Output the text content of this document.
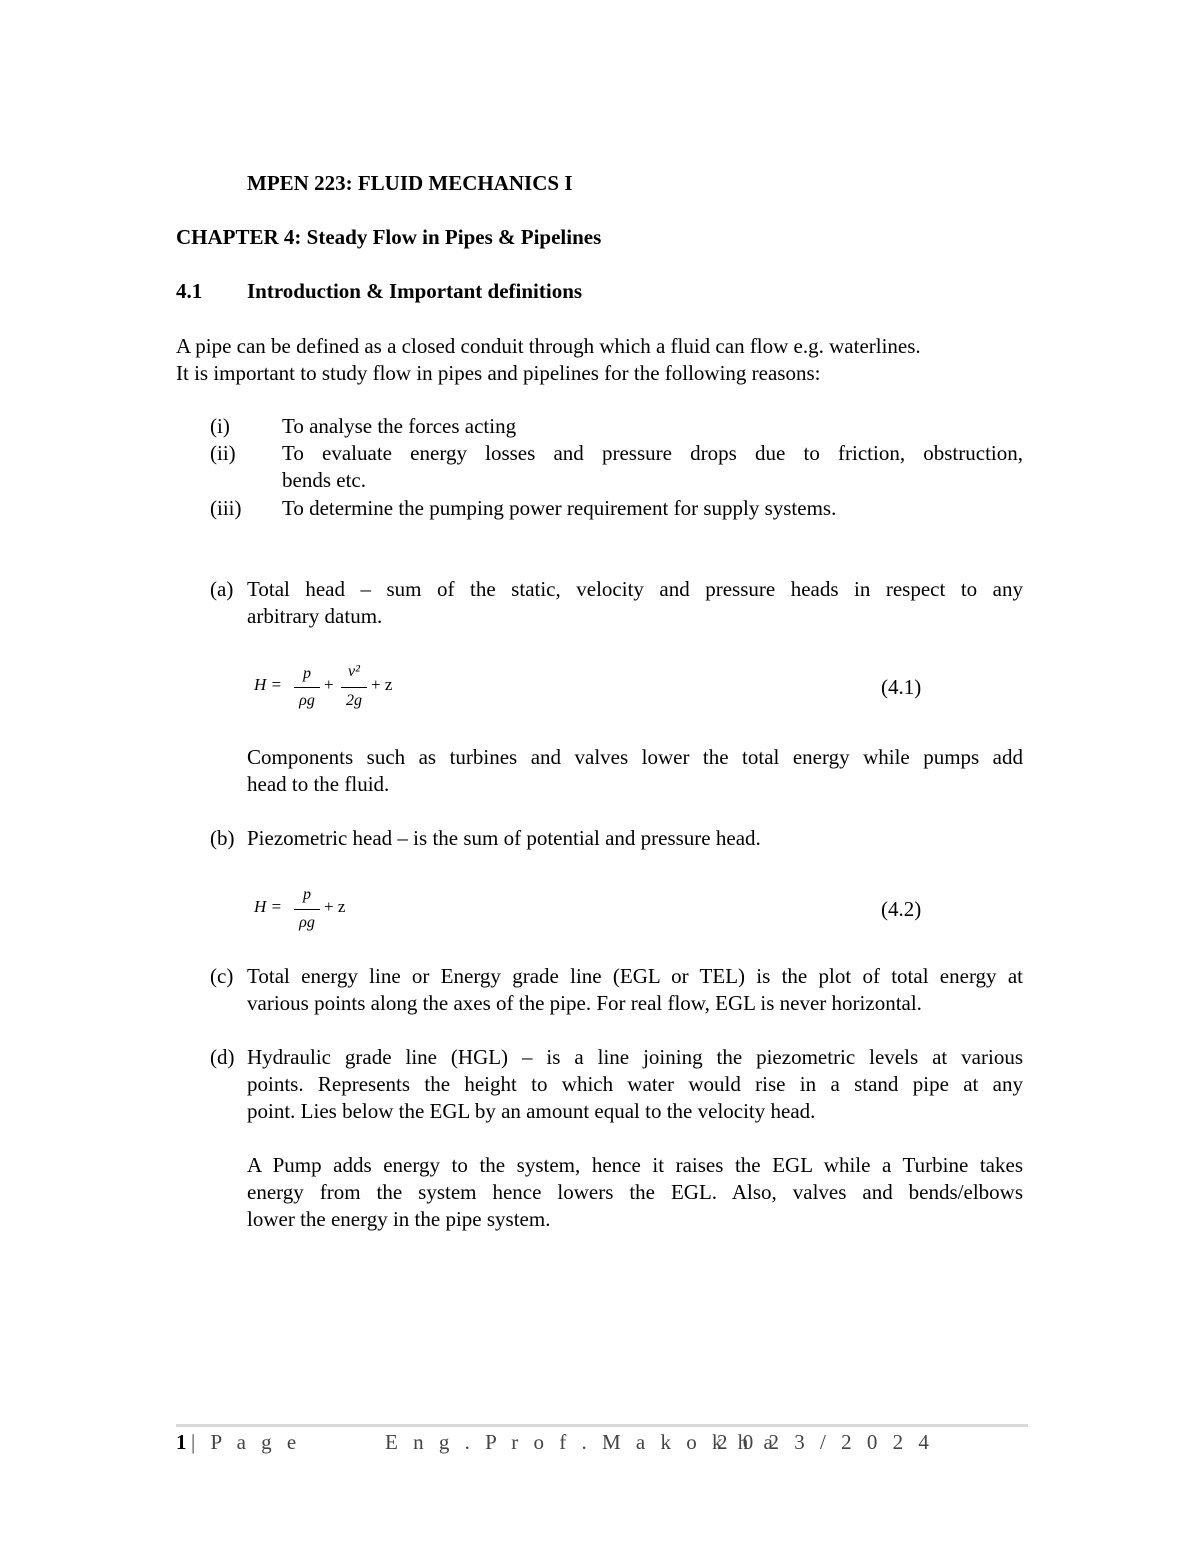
MPEN 223: FLUID MECHANICS I
CHAPTER 4: Steady Flow in Pipes & Pipelines
4.1 Introduction & Important definitions
A pipe can be defined as a closed conduit through which a fluid can flow e.g. waterlines.
It is important to study flow in pipes and pipelines for the following reasons:
(i) To analyse the forces acting
(ii) To evaluate energy losses and pressure drops due to friction, obstruction,
bends etc.
(iii) To determine the pumping power requirement for supply systems.
(a) Total head – sum of the static, velocity and pressure heads in respect to any
arbitrary datum.
H =
p
ρg
+
v²
2g
+ z	(4.1)
Components such as turbines and valves lower the total energy while pumps add
head to the fluid.
(b) Piezometric head – is the sum of potential and pressure head.
H =
p
ρg
+ z	(4.2)
(c) Total energy line or Energy grade line (EGL or TEL) is the plot of total energy at
various points along the axes of the pipe. For real flow, EGL is never horizontal.
(d) Hydraulic grade line (HGL) – is a line joining the piezometric levels at various
points. Represents the height to which water would rise in a stand pipe at any
point. Lies below the EGL by an amount equal to the velocity head.
A Pump adds energy to the system, hence it raises the EGL while a Turbine takes
energy from the system hence lowers the EGL. Also, valves and bends/elbows
lower the energy in the pipe system.
1 | P a g e	E n g . P r o f . M a k o k h a
2 0 2 3 / 2 0 2 4
